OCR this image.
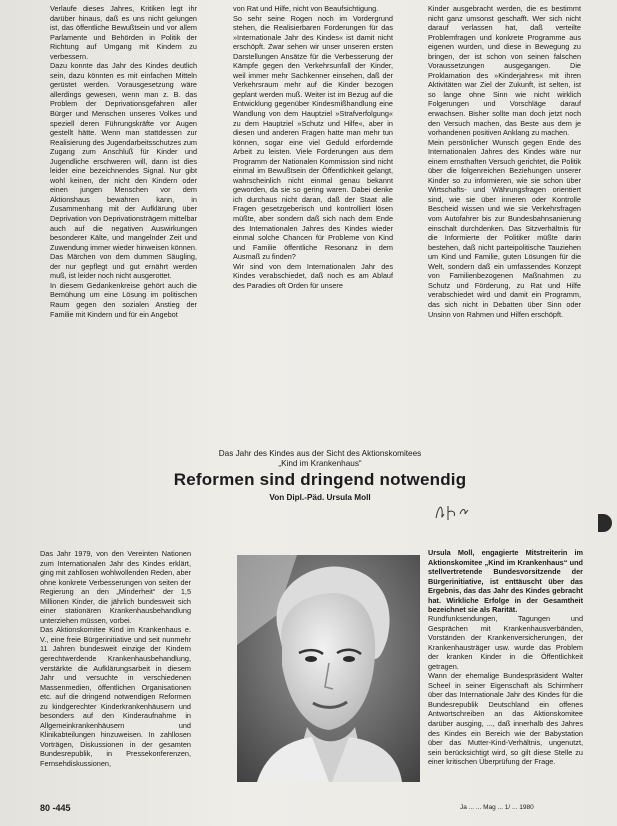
Verlaufe dieses Jahres, Kritiken legt ihr darüber hinaus, daß es uns nicht gelungen ist, das öffentliche Bewußtsein und vor allem Parlamente und Behörden in Politik der Richtung auf Umgang mit Kindern zu verbessern.

Dazu konnte das Jahr des Kindes deutlich sein, dazu könnten es mit einfachen Mitteln gerüstet werden. Vorausgesetzung wäre allerdings gewesen, wenn man z. B. das Problem der Deprivationsgefahren aller Bürger und Menschen unseres Volkes und speziell deren Führungskräfte vor Augen gestellt hätte. Wenn man stattdessen zur Realisierung des Jugendarbeitsschutzes zum Zugang zum Anschluß für Kinder und Jugendliche erschweren will, dann ist dies leider eine bezeichnendes Signal. Nur gibt wohl keinen, der nicht den Kindern oder einen jungen Menschen vor dem Aktionshaus bewahren kann, in Zusammenhang mit der Aufklärung über Deprivation von Deprivationsträgern mittelbar auch auf die negativen Auswirkungen besonderer Kälte, und mangelnder Zeit und Zuwendung immer wieder hinweisen können. Das Märchen von dem dummen Säugling, der nur gepflegt und gut ernährt werden muß, ist leider noch nicht ausgerottet.

In diesem Gedankenkreise gehört auch die Bemühung um eine Lösung im politischen Raum gegen den sozialen Anstieg der Familie mit Kindern und für ein Angebot

von Rat und Hilfe, nicht von Beaufsichtigung.

So sehr seine Rogen noch im Vordergrund stehen, die Realisierbaren Forderungen für das »Internationale Jahr des Kindes« ist damit nicht erschöpft. Zwar sehen wir unser unseren ersten Darstellungen Ansätze für die Verbesserung der Kämpfe gegen den Verkehrsunfall der Kinder, weil immer mehr Sachkenner einsehen, daß der Verkehrsraum mehr auf die Kinder bezogen geplant werden muß. Weiter ist im Bezug auf die Entwicklung gegenüber Kindesmißhandlung eine Wandlung von dem Hauptziel »Strafverfolgung« zu dem Hauptziel »Schutz und Hilfe«, aber in diesen und anderen Fragen hatte man mehr tun können, sogar eine viel Geduld erfordernde Arbeit zu leisten. Viele Forderungen aus dem Programm der Nationalen Kommission sind nicht einmal im Bewußtsein der Öffentlichkeit gelangt, wahrscheinlich nicht einmal genau bekannt geworden, da sie so gering waren. Dabei denke ich durchaus nicht daran, daß der Staat alle Fragen gesetzgeberisch und kontrolliert lösen müßte, aber sondern daß sich nach dem Ende des Internationalen Jahres des Kindes wieder einmal solche Chancen für Probleme von Kind und Familie öffentliche Resonanz in dem Ausmaß zu finden?

Wir sind von dem Internationalen Jahr des Kindes verabschiedet, daß noch es am Ablauf des Paradies oft Orden für unsere

Kinder ausgebracht werden, die es bestimmt nicht ganz umsonst geschafft. Wer sich nicht darauf verlassen hat, daß verteilte Problemfragen und konkrete Programme aus eigenen wurden, und diese in Bewegung zu bringen, der ist schon von seinen falschen Voraussetzungen ausgegangen. Die Proklamation des »Kinderjahres« mit ihren Aktivitäten war Ziel der Zukunft, ist selten, ist so lange ohne Sinn wie nicht wirklich Folgerungen und Vorschläge darauf erwachsen. Bisher sollte man doch jetzt noch den Versuch machen, das Beste aus dem je vorhandenen positiven Anklang zu machen.

Mein persönlicher Wunsch gegen Ende des Internationalen Jahres des Kindes wäre nur einem ernsthaften Versuch gerichtet, die Politik über die folgenreichen Beziehungen unserer Kinder so zu informieren, wie sie schon über Wirtschafts- und Währungsfragen orientiert sind, wie sie über inneren oder Kontrolle Bescheid wissen und wie sie Verkehrsfragen vom Autofahrer bis zur Bundesbahnsanierung einschalt durchdenken. Das Sitzverhältnis für die Informierte der Politiker müßte darin bestehen, daß nicht parteipolitische Tauziehen um Kind und Familie, guten Lösungen für die Welt, sondern daß ein umfassendes Konzept von Familienbezogenen Maßnahmen zu Schutz und Förderung, zu Rat und Hilfe verabschiedet wird und damit ein Programm, das sich nicht in Debatten über Sinn oder Unsinn von Rahmen und Hilfen erschöpft.

Das Jahr des Kindes aus der Sicht des Aktionskomitees
„Kind im Krankenhaus“
Reformen sind dringend notwendig
Von Dipl.-Päd. Ursula Moll

Das Jahr 1979, von den Vereinten Nationen zum Internationalen Jahr des Kindes erklärt, ging mit zahllosen wohlwollenden Reden, aber ohne konkrete Verbesserungen von seiten der Regierung an den „Minderheit“ der 1,5 Millionen Kinder, die jährlich bundesweit sich einer stationären Krankenhausbehandlung unterziehen müssen, vorbei.

Das Aktionskomitee Kind im Krankenhaus e. V., eine freie Bürgerinitiative und seit nunmehr 11 Jahren bundesweit einzige der Kindern gerechtwerdende Krankenhausbehandlung, verstärkte die Aufklärungsarbeit in diesem Jahr und versuchte in verschiedenen Massenmedien, öffentlichen Organisationen etc. auf die dringend notwendigen Reformen zu kindgerechter Kinderkrankenhäusern und besonders auf den Kinderaufnahme in Allgemeinkrankenhäusern und Klinikabteilungen hinzuweisen. In zahllosen Vorträgen, Diskussionen in der gesamten Bundesrepublik, in Pressekonferenzen, Fernsehdiskussionen,

Ursula Moll, engagierte Mitstreiterin im Aktionskomitee „Kind im Krankenhaus“ und stellvertretende Bundesvorsitzende der Bürgerinitiative, ist enttäuscht über das Ergebnis, das das Jahr des Kindes gebracht hat. Wirkliche Erfolge in der Gesamtheit bezeichnet sie als Rarität.

Rundfunksendungen, Tagungen und Gesprächen mit Krankenhausverbänden, Vorständen der Krankenversicherungen, der Krankenhausträger usw. wurde das Problem der kranken Kinder in die Öffentlichkeit getragen.

Wann der ehemalige Bundespräsident Walter Scheel in seiner Eigenschaft als Schirmherr über das Internationale Jahr des Kindes für die Bundesrepublik Deutschland ein offenes Antwortschreiben an das Aktionskomitee darüber ausging, ..., daß innerhalb des Jahres des Kindes ein Bereich wie der Babystation über das Mutter-Kind-Verhältnis, ungenutzt, sein berücksichtigt wird, so gilt diese Stelle zu einer kritischen Überprüfung der Frage.

80 -445	Ja ... ... Mag ... 1/ ... 1980
